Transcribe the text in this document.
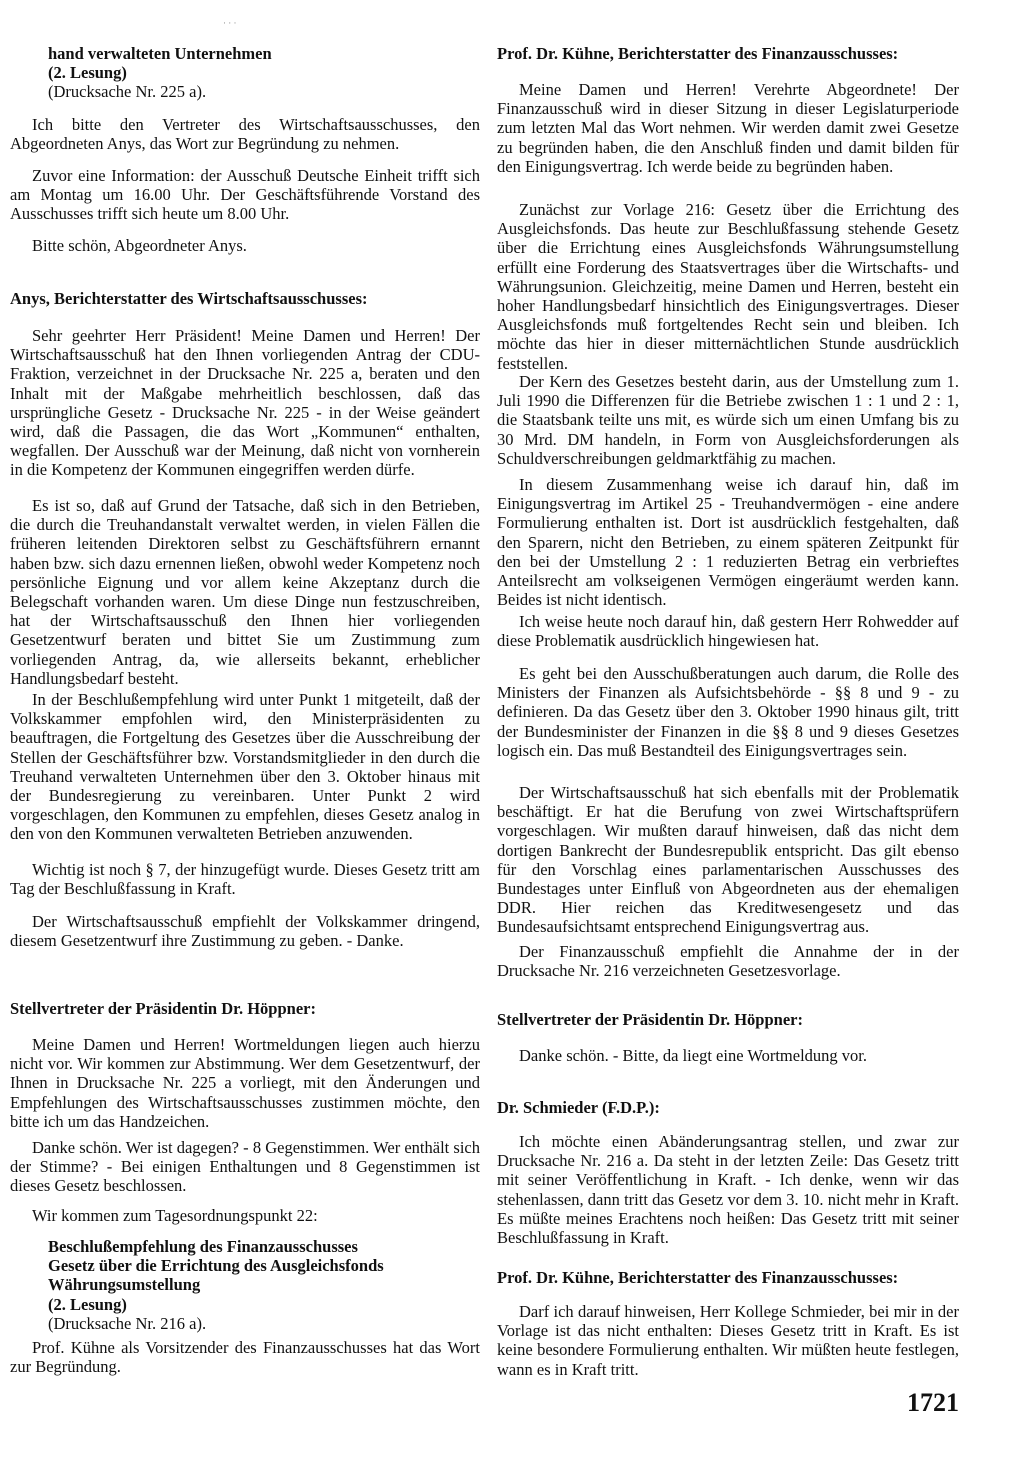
· · ·

hand verwalteten Unternehmen

(2. Lesung)

(Drucksache Nr. 225 a).

Ich bitte den Vertreter des Wirtschaftsausschusses, den Abgeordneten Anys, das Wort zur Begründung zu nehmen.

Zuvor eine Information: der Ausschuß Deutsche Einheit trifft sich am Montag um 16.00 Uhr. Der Geschäftsführende Vorstand des Ausschusses trifft sich heute um 8.00 Uhr.

Bitte schön, Abgeordneter Anys.

Anys, Berichterstatter des Wirtschaftsausschusses:

Sehr geehrter Herr Präsident! Meine Damen und Herren! Der Wirtschaftsausschuß hat den Ihnen vorliegenden Antrag der CDU-Fraktion, verzeichnet in der Drucksache Nr. 225 a, beraten und den Inhalt mit der Maßgabe mehrheitlich beschlossen, daß das ursprüngliche Gesetz - Drucksache Nr. 225 - in der Weise geändert wird, daß die Passagen, die das Wort „Kommunen“ enthalten, wegfallen. Der Ausschuß war der Meinung, daß nicht von vornherein in die Kompetenz der Kommunen eingegriffen werden dürfe.

Es ist so, daß auf Grund der Tatsache, daß sich in den Betrieben, die durch die Treuhandanstalt verwaltet werden, in vielen Fällen die früheren leitenden Direktoren selbst zu Geschäftsführern ernannt haben bzw. sich dazu ernennen ließen, obwohl weder Kompetenz noch persönliche Eignung und vor allem keine Akzeptanz durch die Belegschaft vorhanden waren. Um diese Dinge nun festzuschreiben, hat der Wirtschaftsausschuß den Ihnen hier vorliegenden Gesetzentwurf beraten und bittet Sie um Zustimmung zum vorliegenden Antrag, da, wie allerseits bekannt, erheblicher Handlungsbedarf besteht.

In der Beschlußempfehlung wird unter Punkt 1 mitgeteilt, daß der Volkskammer empfohlen wird, den Ministerpräsidenten zu beauftragen, die Fortgeltung des Gesetzes über die Ausschreibung der Stellen der Geschäftsführer bzw. Vorstandsmitglieder in den durch die Treuhand verwalteten Unternehmen über den 3. Oktober hinaus mit der Bundesregierung zu vereinbaren. Unter Punkt 2 wird vorgeschlagen, den Kommunen zu empfehlen, dieses Gesetz analog in den von den Kommunen verwalteten Betrieben anzuwenden.

Wichtig ist noch § 7, der hinzugefügt wurde. Dieses Gesetz tritt am Tag der Beschlußfassung in Kraft.

Der Wirtschaftsausschuß empfiehlt der Volkskammer dringend, diesem Gesetzentwurf ihre Zustimmung zu geben. - Danke.

Stellvertreter der Präsidentin Dr. Höppner:

Meine Damen und Herren! Wortmeldungen liegen auch hierzu nicht vor. Wir kommen zur Abstimmung. Wer dem Gesetzentwurf, der Ihnen in Drucksache Nr. 225 a vorliegt, mit den Änderungen und Empfehlungen des Wirtschaftsausschusses zustimmen möchte, den bitte ich um das Handzeichen.

Danke schön. Wer ist dagegen? - 8 Gegenstimmen. Wer enthält sich der Stimme? - Bei einigen Enthaltungen und 8 Gegenstimmen ist dieses Gesetz beschlossen.

Wir kommen zum Tagesordnungspunkt 22:

Beschlußempfehlung des Finanzausschusses

Gesetz über die Errichtung des Ausgleichsfonds

Währungsumstellung

(2. Lesung)

(Drucksache Nr. 216 a).

Prof. Kühne als Vorsitzender des Finanzausschusses hat das Wort zur Begründung.

Prof. Dr. Kühne, Berichterstatter des Finanzausschusses:

Meine Damen und Herren! Verehrte Abgeordnete! Der Finanzausschuß wird in dieser Sitzung in dieser Legislaturperiode zum letzten Mal das Wort nehmen. Wir werden damit zwei Gesetze zu begründen haben, die den Anschluß finden und damit bilden für den Einigungsvertrag. Ich werde beide zu begründen haben.

Zunächst zur Vorlage 216: Gesetz über die Errichtung des Ausgleichsfonds. Das heute zur Beschlußfassung stehende Gesetz über die Errichtung eines Ausgleichsfonds Währungsumstellung erfüllt eine Forderung des Staatsvertrages über die Wirtschafts- und Währungsunion. Gleichzeitig, meine Damen und Herren, besteht ein hoher Handlungsbedarf hinsichtlich des Einigungsvertrages. Dieser Ausgleichsfonds muß fortgeltendes Recht sein und bleiben. Ich möchte das hier in dieser mitternächtlichen Stunde ausdrücklich feststellen.

Der Kern des Gesetzes besteht darin, aus der Umstellung zum 1. Juli 1990 die Differenzen für die Betriebe zwischen 1 : 1 und 2 : 1, die Staatsbank teilte uns mit, es würde sich um einen Umfang bis zu 30 Mrd. DM handeln, in Form von Ausgleichsforderungen als Schuldverschreibungen geldmarktfähig zu machen.

In diesem Zusammenhang weise ich darauf hin, daß im Einigungsvertrag im Artikel 25 - Treuhandvermögen - eine andere Formulierung enthalten ist. Dort ist ausdrücklich festgehalten, daß den Sparern, nicht den Betrieben, zu einem späteren Zeitpunkt für den bei der Umstellung 2 : 1 reduzierten Betrag ein verbrieftes Anteilsrecht am volkseigenen Vermögen eingeräumt werden kann. Beides ist nicht identisch.

Ich weise heute noch darauf hin, daß gestern Herr Rohwedder auf diese Problematik ausdrücklich hingewiesen hat.

Es geht bei den Ausschußberatungen auch darum, die Rolle des Ministers der Finanzen als Aufsichtsbehörde - §§ 8 und 9 - zu definieren. Da das Gesetz über den 3. Oktober 1990 hinaus gilt, tritt der Bundesminister der Finanzen in die §§ 8 und 9 dieses Gesetzes logisch ein. Das muß Bestandteil des Einigungsvertrages sein.

Der Wirtschaftsausschuß hat sich ebenfalls mit der Problematik beschäftigt. Er hat die Berufung von zwei Wirtschaftsprüfern vorgeschlagen. Wir mußten darauf hinweisen, daß das nicht dem dortigen Bankrecht der Bundesrepublik entspricht. Das gilt ebenso für den Vorschlag eines parlamentarischen Ausschusses des Bundestages unter Einfluß von Abgeordneten aus der ehemaligen DDR. Hier reichen das Kreditwesengesetz und das Bundesaufsichtsamt entsprechend Einigungsvertrag aus.

Der Finanzausschuß empfiehlt die Annahme der in der Drucksache Nr. 216 verzeichneten Gesetzesvorlage.

Stellvertreter der Präsidentin Dr. Höppner:

Danke schön. - Bitte, da liegt eine Wortmeldung vor.

Dr. Schmieder (F.D.P.):

Ich möchte einen Abänderungsantrag stellen, und zwar zur Drucksache Nr. 216 a. Da steht in der letzten Zeile: Das Gesetz tritt mit seiner Veröffentlichung in Kraft. - Ich denke, wenn wir das stehenlassen, dann tritt das Gesetz vor dem 3. 10. nicht mehr in Kraft. Es müßte meines Erachtens noch heißen: Das Gesetz tritt mit seiner Beschlußfassung in Kraft.

Prof. Dr. Kühne, Berichterstatter des Finanzausschusses:

Darf ich darauf hinweisen, Herr Kollege Schmieder, bei mir in der Vorlage ist das nicht enthalten: Dieses Gesetz tritt in Kraft. Es ist keine besondere Formulierung enthalten. Wir müßten heute festlegen, wann es in Kraft tritt.

1721
